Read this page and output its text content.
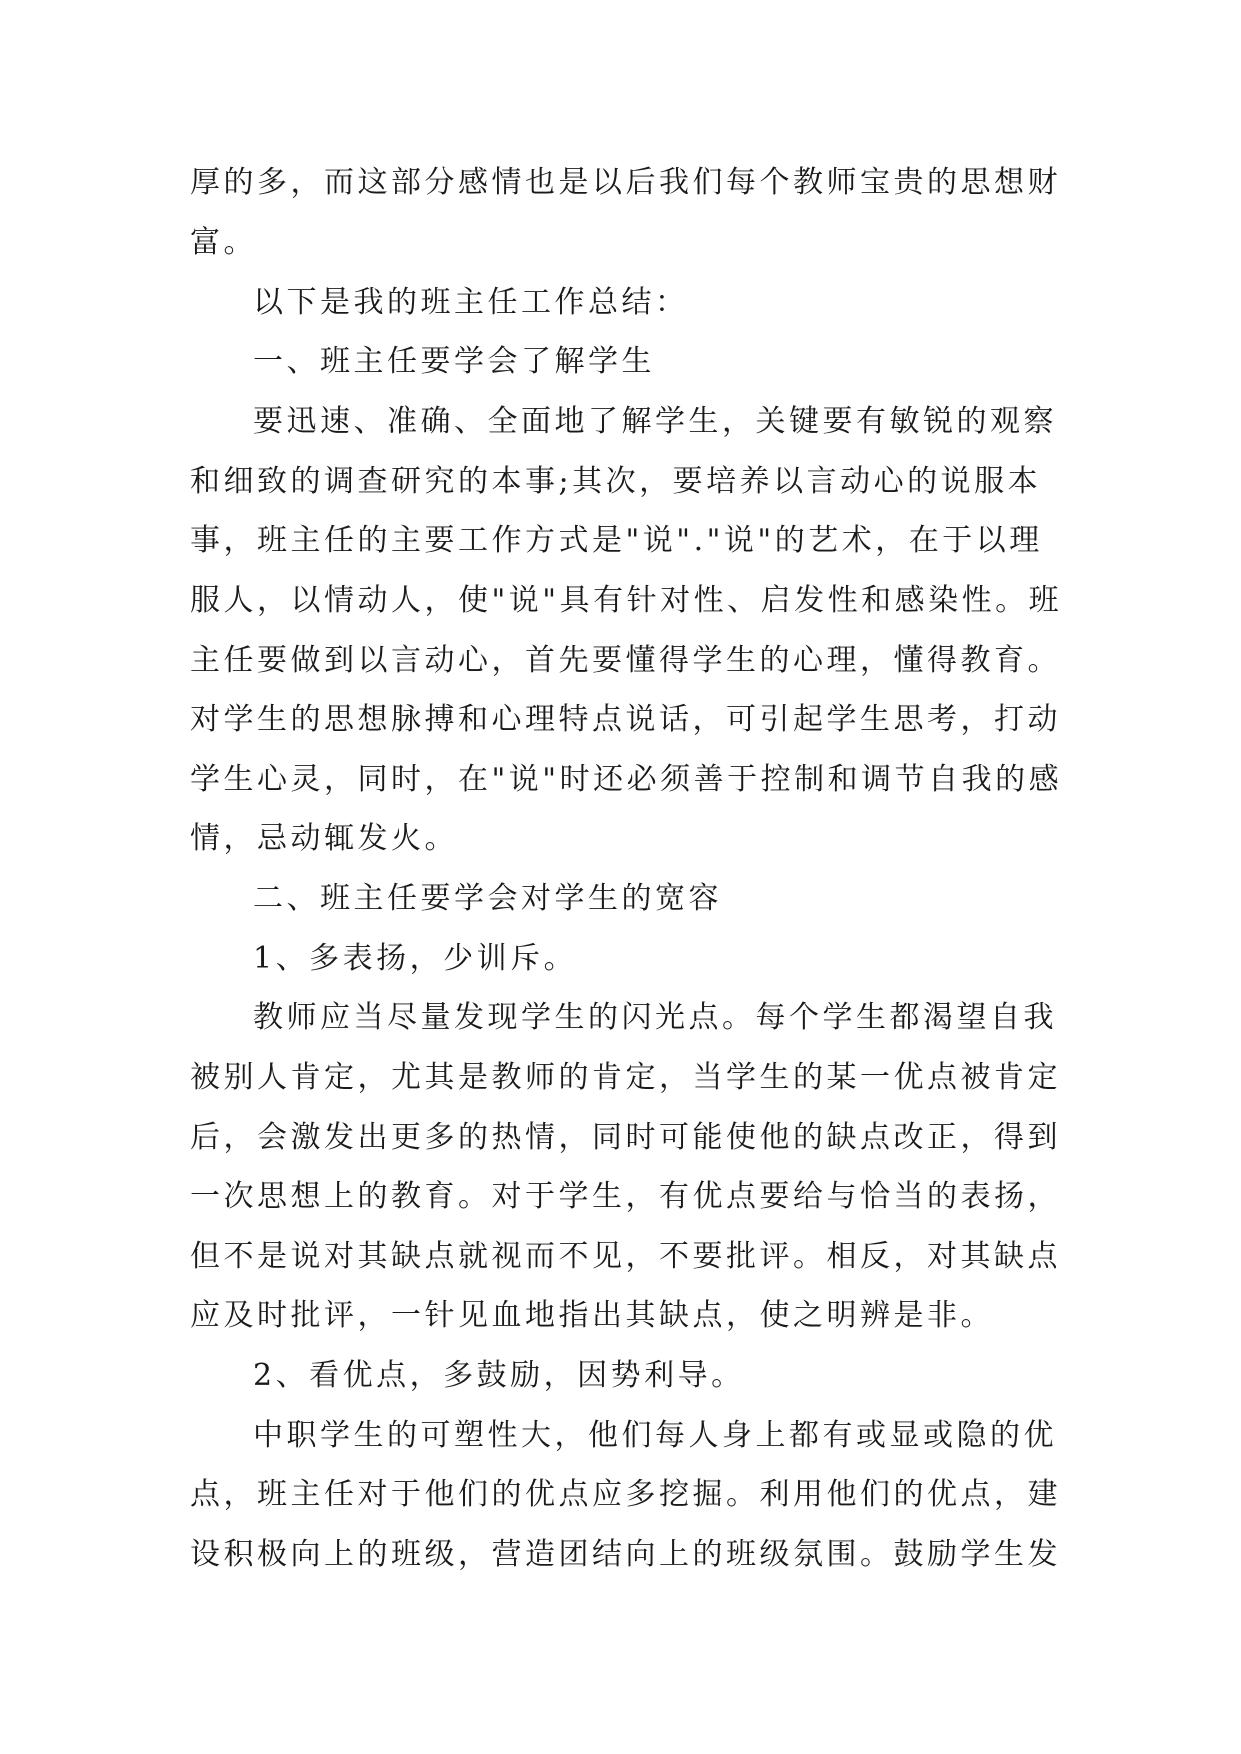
厚的多，而这部分感情也是以后我们每个教师宝贵的思想财
富。
以下是我的班主任工作总结：
一、班主任要学会了解学生
要迅速、准确、全面地了解学生，关键要有敏锐的观察
和细致的调查研究的本事;其次，要培养以言动心的说服本
事，班主任的主要工作方式是"说"."说"的艺术，在于以理
服人，以情动人，使"说"具有针对性、启发性和感染性。班
主任要做到以言动心，首先要懂得学生的心理，懂得教育。
对学生的思想脉搏和心理特点说话，可引起学生思考，打动
学生心灵，同时，在"说"时还必须善于控制和调节自我的感
情，忌动辄发火。
二、班主任要学会对学生的宽容
1、多表扬，少训斥。
教师应当尽量发现学生的闪光点。每个学生都渴望自我
被别人肯定，尤其是教师的肯定，当学生的某一优点被肯定
后，会激发出更多的热情，同时可能使他的缺点改正，得到
一次思想上的教育。对于学生，有优点要给与恰当的表扬，
但不是说对其缺点就视而不见，不要批评。相反，对其缺点
应及时批评，一针见血地指出其缺点，使之明辨是非。
2、看优点，多鼓励，因势利导。
中职学生的可塑性大，他们每人身上都有或显或隐的优
点，班主任对于他们的优点应多挖掘。利用他们的优点，建
设积极向上的班级，营造团结向上的班级氛围。鼓励学生发
